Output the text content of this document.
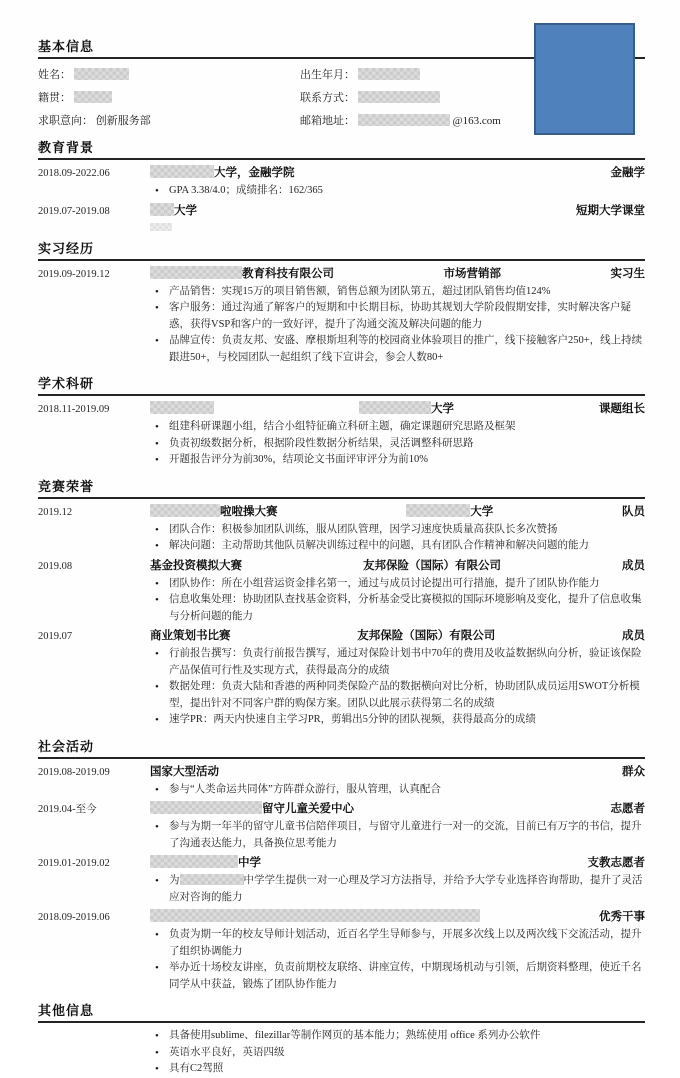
基本信息
姓名：	出生年月：
籍贯：	联系方式：
求职意向： 创新服务部	邮箱地址：	@163.com
教育背景
2018.09-2022.06	大学，金融学院	金融学
• GPA 3.38/4.0；成绩排名：162/365
2019.07-2019.08	大学	短期大学课堂
实习经历
2019.09-2019.12	教育科技有限公司	市场营销部	实习生
• 产品销售：实现15万的项目销售额，销售总额为团队第五，超过团队销售均值124%
• 客户服务：通过沟通了解客户的短期和中长期目标，协助其规划大学阶段假期安排，实时解决客户疑惑，获得VSP和客户的一致好评，提升了沟通交流及解决问题的能力
• 品牌宣传：负责友邦、安盛、摩根斯坦利等的校园商业体验项目的推广，线下接触客户250+，线上持续跟进50+，与校园团队一起组织了线下宣讲会，参会人数80+
学术科研
2018.11-2019.09	大学	课题组长
• 组建科研课题小组，结合小组特征确立科研主题，确定课题研究思路及框架
• 负责初级数据分析，根据阶段性数据分析结果，灵活调整科研思路
• 开题报告评分为前30%，结项论文书面评审评分为前10%
竞赛荣誉
2019.12	啦啦操大赛	大学	队员
• 团队合作：积极参加团队训练，服从团队管理，因学习速度快质量高获队长多次赞扬
• 解决问题：主动帮助其他队员解决训练过程中的问题，具有团队合作精神和解决问题的能力
2019.08	基金投资模拟大赛	友邦保险（国际）有限公司	成员
• 团队协作：所在小组营运资金排名第一，通过与成员讨论提出可行措施，提升了团队协作能力
• 信息收集处理：协助团队查找基金资料，分析基金受比赛模拟的国际环境影响及变化，提升了信息收集与分析问题的能力
2019.07	商业策划书比赛	友邦保险（国际）有限公司	成员
• 行前报告撰写：负责行前报告撰写，通过对保险计划书中70年的费用及收益数据纵向分析，验证该保险产品保值可行性及实现方式，获得最高分的成绩
• 数据处理：负责大陆和香港的两种同类保险产品的数据横向对比分析，协助团队成员运用SWOT分析模型，提出针对不同客户群的购保方案。团队以此展示获得第二名的成绩
• 速学PR：两天内快速自主学习PR，剪辑出5分钟的团队视频，获得最高分的成绩
社会活动
2019.08-2019.09	国家大型活动	群众
• 参与“人类命运共同体”方阵群众游行，服从管理，认真配合
2019.04-至今	留守儿童关爱中心	志愿者
• 参与为期一年半的留守儿童书信陪伴项目，与留守儿童进行一对一的交流，目前已有万字的书信，提升了沟通表达能力，具备换位思考能力
2019.01-2019.02	中学	支教志愿者
• 为	中学学生提供一对一心理及学习方法指导，并给予大学专业选择咨询帮助，提升了灵活应对咨询的能力
2018.09-2019.06	优秀干事
• 负责为期一年的校友导师计划活动，近百名学生导师参与，开展多次线上以及两次线下交流活动，提升了组织协调能力
• 举办近十场校友讲座，负责前期校友联络、讲座宣传，中期现场机动与引领，后期资料整理，使近千名同学从中获益，锻炼了团队协作能力
其他信息
• 具备使用sublime、filezillar等制作网页的基本能力；熟练使用 office 系列办公软件
• 英语水平良好，英语四级
• 具有C2驾照
